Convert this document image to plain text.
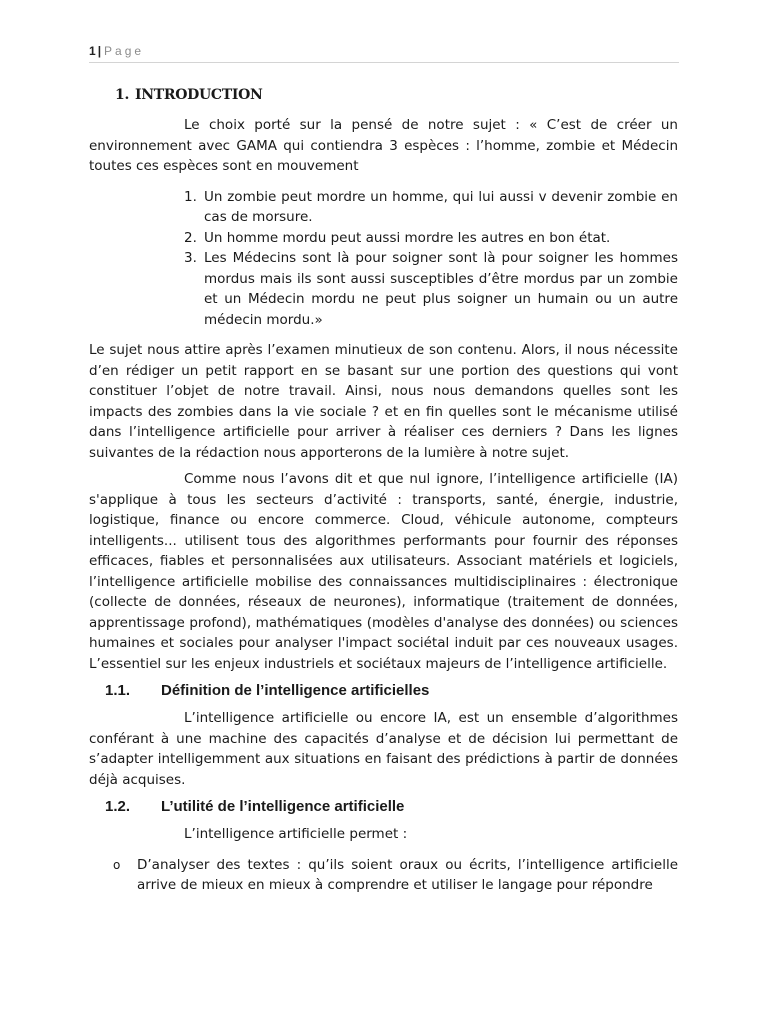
1 | Page
1. INTRODUCTION

Le choix porté sur la pensé de notre sujet : « C’est de créer un environnement avec GAMA qui contiendra 3 espèces : l’homme, zombie et Médecin toutes ces espèces sont en mouvement

1. Un zombie peut mordre un homme, qui lui aussi v devenir zombie en cas de morsure.
2. Un homme mordu peut aussi mordre les autres en bon état.
3. Les Médecins sont là pour soigner sont là pour soigner les hommes mordus mais ils sont aussi susceptibles d’être mordus par un zombie et un Médecin mordu ne peut plus soigner un humain ou un autre médecin mordu.»

Le sujet nous attire après l’examen minutieux de son contenu. Alors, il nous nécessite d’en rédiger un petit rapport en se basant sur une portion des questions qui vont constituer l’objet de notre travail. Ainsi, nous nous demandons quelles sont les impacts des zombies dans la vie sociale ? et en fin quelles sont le mécanisme utilisé dans l’intelligence artificielle pour arriver à réaliser ces derniers ? Dans les lignes suivantes de la rédaction nous apporterons de la lumière à notre sujet.

Comme nous l’avons dit et que nul ignore, l’intelligence artificielle (IA) s'applique à tous les secteurs d’activité : transports, santé, énergie, industrie, logistique, finance ou encore commerce. Cloud, véhicule autonome, compteurs intelligents... utilisent tous des algorithmes performants pour fournir des réponses efficaces, fiables et personnalisées aux utilisateurs. Associant matériels et logiciels, l’intelligence artificielle mobilise des connaissances multidisciplinaires : électronique (collecte de données, réseaux de neurones), informatique (traitement de données, apprentissage profond), mathématiques (modèles d'analyse des données) ou sciences humaines et sociales pour analyser l'impact sociétal induit par ces nouveaux usages. L’essentiel sur les enjeux industriels et sociétaux majeurs de l’intelligence artificielle.

1.1. Définition de l’intelligence artificielles

L’intelligence artificielle ou encore IA, est un ensemble d’algorithmes conférant à une machine des capacités d’analyse et de décision lui permettant de s’adapter intelligemment aux situations en faisant des prédictions à partir de données déjà acquises.

1.2. L’utilité de l’intelligence artificielle

L’intelligence artificielle permet :

o D’analyser des textes : qu’ils soient oraux ou écrits, l’intelligence artificielle arrive de mieux en mieux à comprendre et utiliser le langage pour répondre
